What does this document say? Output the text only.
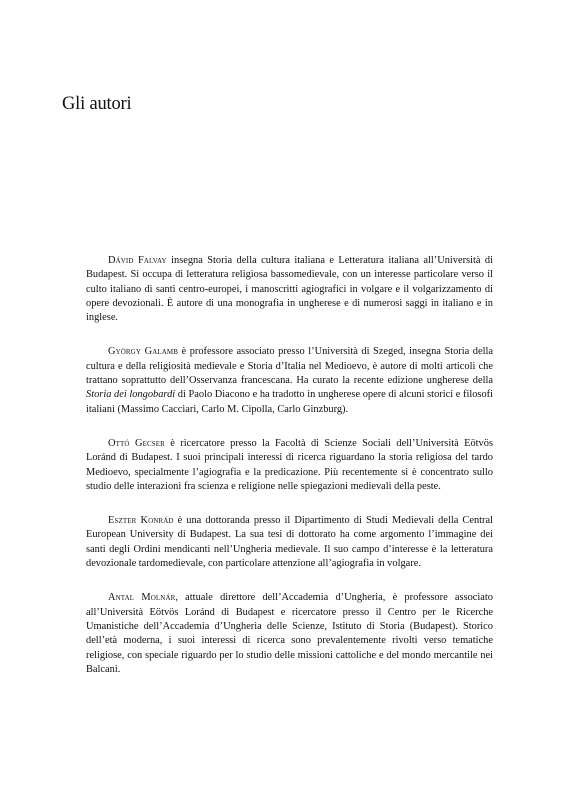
Gli autori

Dávid Falvay insegna Storia della cultura italiana e Letteratura italiana all’Università di Budapest. Si occupa di letteratura religiosa bassomedievale, con un interesse particolare verso il culto italiano di santi centro-europei, i manoscritti agiografici in volgare e il volgarizzamento di opere devozionali. È autore di una monografia in ungherese e di numerosi saggi in italiano e in inglese.

György Galamb è professore associato presso l’Università di Szeged, insegna Storia della cultura e della religiosità medievale e Storia d’Italia nel Medioevo, è autore di molti articoli che trattano soprattutto dell’Osservanza francescana. Ha curato la recente edizione ungherese della Storia dei longobardi di Paolo Diacono e ha tradotto in ungherese opere di alcuni storici e filosofi italiani (Massimo Cacciari, Carlo M. Cipolla, Carlo Ginzburg).

Ottó Gecser è ricercatore presso la Facoltà di Scienze Sociali dell’Università Eötvös Loránd di Budapest. I suoi principali interessi di ricerca riguardano la storia religiosa del tardo Medioevo, specialmente l’agiografia e la predicazione. Più recentemente si è concentrato sullo studio delle interazioni fra scienza e religione nelle spiegazioni medievali della peste.

Eszter Konrád è una dottoranda presso il Dipartimento di Studi Medievali della Central European University di Budapest. La sua tesi di dottorato ha come argomento l’immagine dei santi degli Ordini mendicanti nell’Ungheria medievale. Il suo campo d’interesse è la letteratura devozionale tardomedievale, con particolare attenzione all’agiografia in volgare.

Antal Molnár, attuale direttore dell’Accademia d’Ungheria, è professore associato all’Università Eötvös Loránd di Budapest e ricercatore presso il Centro per le Ricerche Umanistiche dell’Accademia d’Ungheria delle Scienze, Istituto di Storia (Budapest). Storico dell’età moderna, i suoi interessi di ricerca sono prevalentemente rivolti verso tematiche religiose, con speciale riguardo per lo studio delle missioni cattoliche e del mondo mercantile nei Balcani.
